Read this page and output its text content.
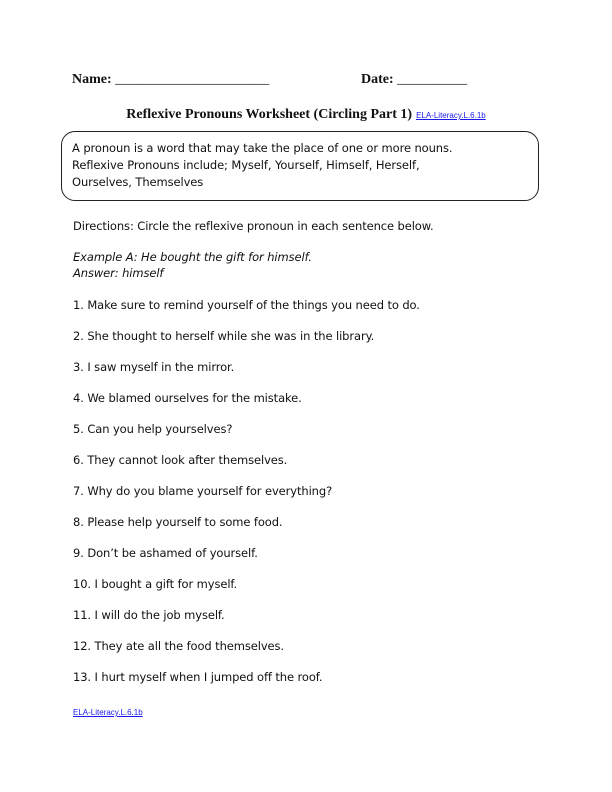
Name: ______________________	Date: __________
Reflexive Pronouns Worksheet (Circling Part 1) ELA-Literacy.L.6.1b
A pronoun is a word that may take the place of one or more nouns.
Reflexive Pronouns include; Myself, Yourself, Himself, Herself,
Ourselves, Themselves
Directions: Circle the reflexive pronoun in each sentence below.
Example A: He bought the gift for himself.
Answer: himself
1. Make sure to remind yourself of the things you need to do.
2. She thought to herself while she was in the library.
3. I saw myself in the mirror.
4. We blamed ourselves for the mistake.
5. Can you help yourselves?
6. They cannot look after themselves.
7. Why do you blame yourself for everything?
8. Please help yourself to some food.
9. Don’t be ashamed of yourself.
10. I bought a gift for myself.
11. I will do the job myself.
12. They ate all the food themselves.
13. I hurt myself when I jumped off the roof.
ELA-Literacy.L.6.1b
